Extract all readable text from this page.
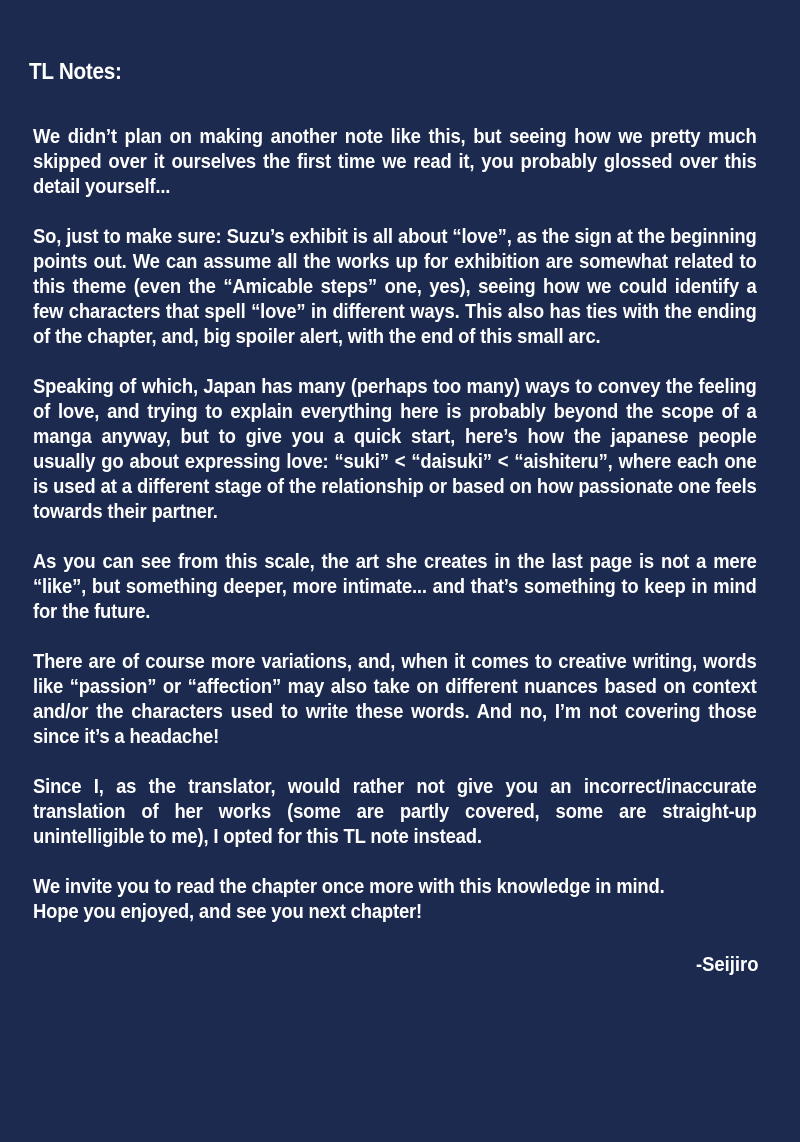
TL Notes:

We didn’t plan on making another note like this, but seeing how we pretty much skipped over it ourselves the first time we read it, you probably glossed over this detail yourself...

So, just to make sure: Suzu’s exhibit is all about “love”, as the sign at the beginning points out. We can assume all the works up for exhibition are somewhat related to this theme (even the “Amicable steps” one, yes), seeing how we could identify a few characters that spell “love” in different ways. This also has ties with the ending of the chapter, and, big spoiler alert, with the end of this small arc.

Speaking of which, Japan has many (perhaps too many) ways to convey the feeling of love, and trying to explain everything here is probably beyond the scope of a manga anyway, but to give you a quick start, here’s how the japanese people usually go about expressing love: “suki” < “daisuki” < “aishiteru”, where each one is used at a different stage of the relationship or based on how passionate one feels towards their partner.

As you can see from this scale, the art she creates in the last page is not a mere “like”, but something deeper, more intimate... and that’s something to keep in mind for the future.

There are of course more variations, and, when it comes to creative writing, words like “passion” or “affection” may also take on different nuances based on context and/or the characters used to write these words. And no, I’m not covering those since it’s a headache!

Since I, as the translator, would rather not give you an incorrect/inaccurate translation of her works (some are partly covered, some are straight-up unintelligible to me), I opted for this TL note instead.

We invite you to read the chapter once more with this knowledge in mind.
Hope you enjoyed, and see you next chapter!

-Seijiro
